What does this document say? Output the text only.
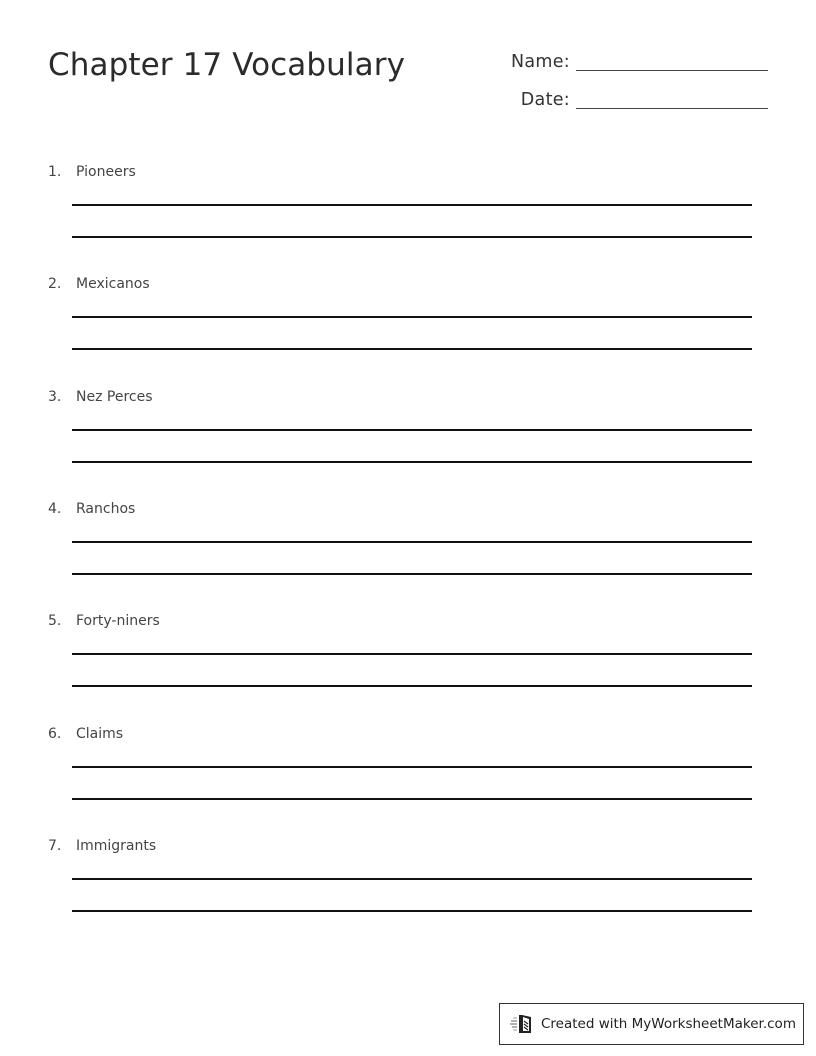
Chapter 17 Vocabulary	Name:
Date:
1. Pioneers
2. Mexicanos
3. Nez Perces
4. Ranchos
5. Forty-niners
6. Claims
7. Immigrants
Created with MyWorksheetMaker.com
